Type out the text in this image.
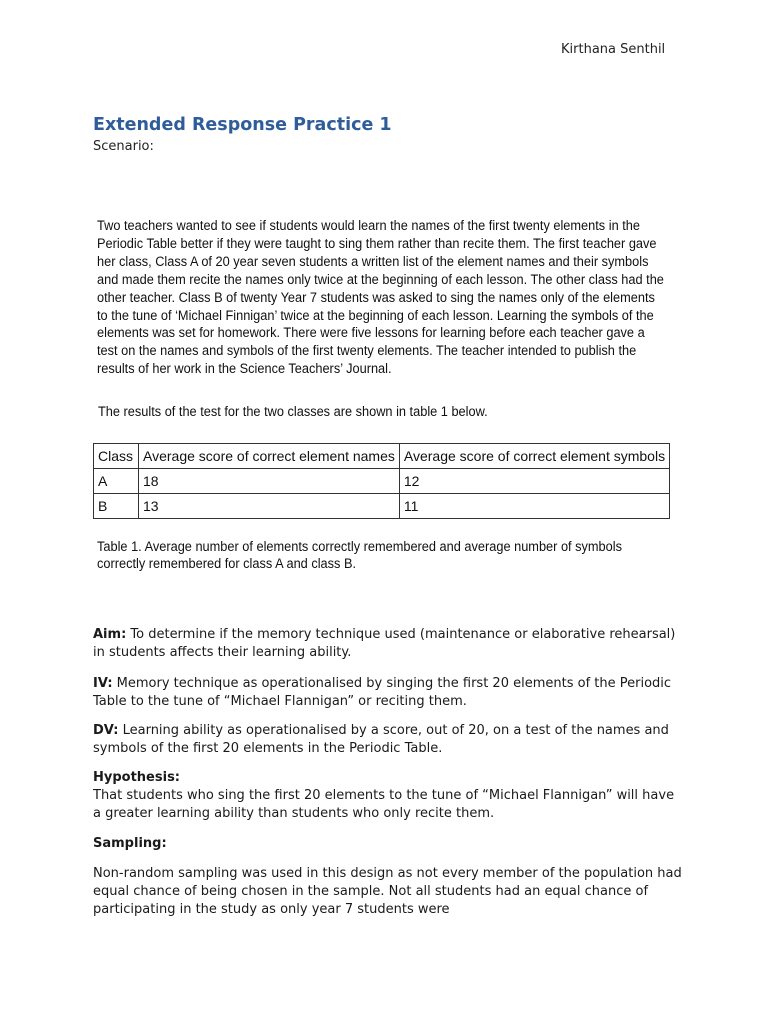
Kirthana Senthil
Extended Response Practice 1
Scenario:
Two teachers wanted to see if students would learn the names of the first twenty elements in the
Periodic Table better if they were taught to sing them rather than recite them. The first teacher gave
her class, Class A of 20 year seven students a written list of the element names and their symbols
and made them recite the names only twice at the beginning of each lesson. The other class had the
other teacher. Class B of twenty Year 7 students was asked to sing the names only of the elements
to the tune of ‘Michael Finnigan’ twice at the beginning of each lesson. Learning the symbols of the
elements was set for homework. There were five lessons for learning before each teacher gave a
test on the names and symbols of the first twenty elements. The teacher intended to publish the
results of her work in the Science Teachers’ Journal.
The results of the test for the two classes are shown in table 1 below.
Class	Average score of correct element names	Average score of correct element symbols
A	18	12
B	13	11
Table 1. Average number of elements correctly remembered and average number of symbols
correctly remembered for class A and class B.

Aim: To determine if the memory technique used (maintenance or elaborative rehearsal) in students affects their learning ability.

IV: Memory technique as operationalised by singing the first 20 elements of the Periodic Table to the tune of “Michael Flannigan” or reciting them.

DV: Learning ability as operationalised by a score, out of 20, on a test of the names and symbols of the first 20 elements in the Periodic Table.

Hypothesis:

That students who sing the first 20 elements to the tune of “Michael Flannigan” will have a greater learning ability than students who only recite them.

Sampling:

Non-random sampling was used in this design as not every member of the population had equal chance of being chosen in the sample. Not all students had an equal chance of participating in the study as only year 7 students were
